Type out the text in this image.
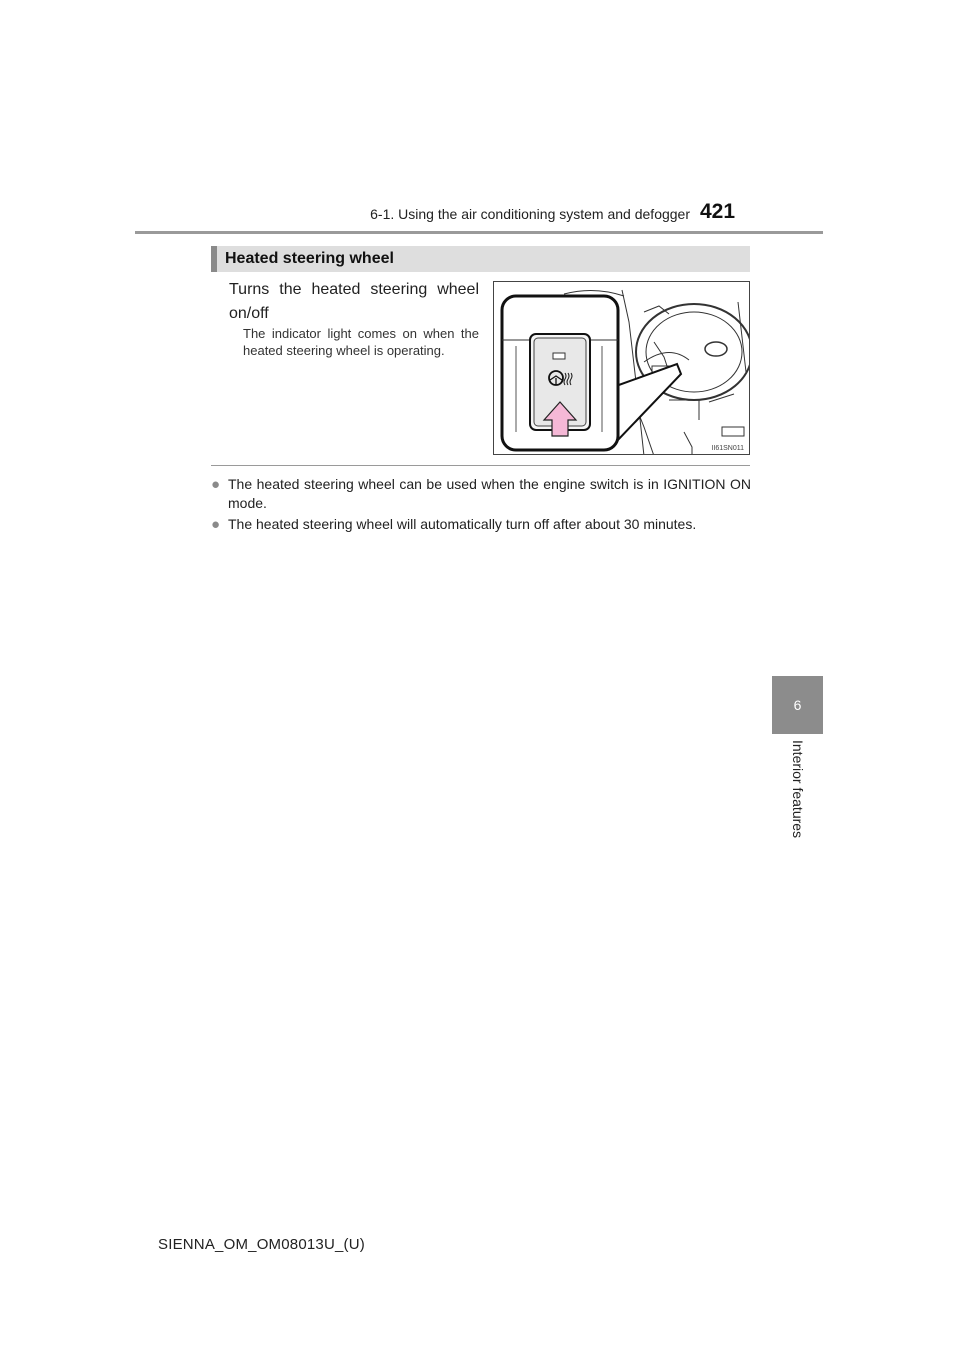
6-1. Using the air conditioning system and defogger 421
6
Interior features
Heated steering wheel
Turns the heated steering wheel on/off
The indicator light comes on when the heated steering wheel is operating.
II61SN011
● The heated steering wheel can be used when the engine switch is in IGNITION ON mode.
● The heated steering wheel will automatically turn off after about 30 minutes.
SIENNA_OM_OM08013U_(U)
